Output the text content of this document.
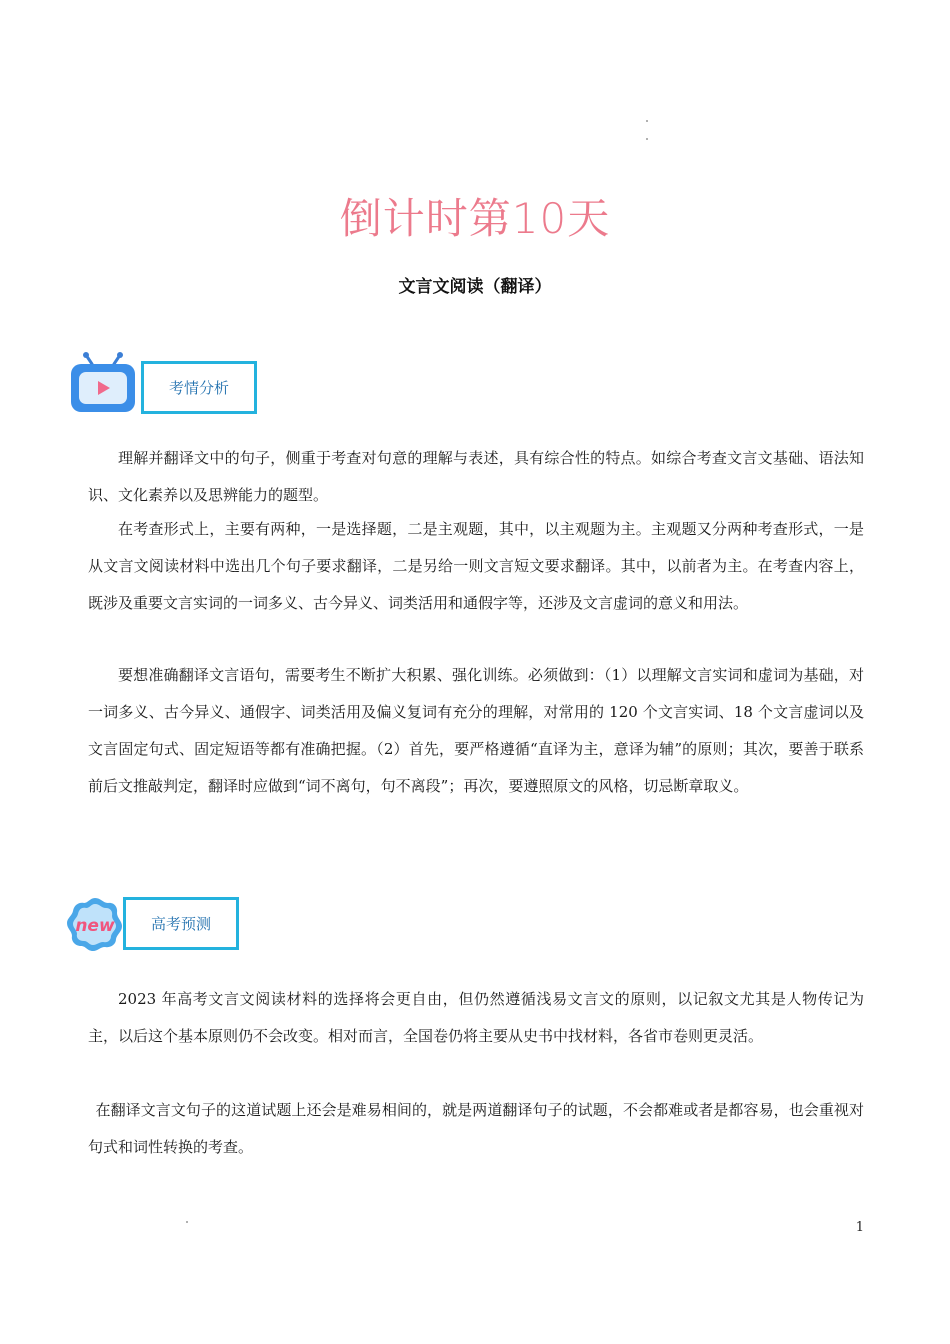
倒计时第10天
文言文阅读（翻译）
考情分析

理解并翻译文中的句子，侧重于考查对句意的理解与表述，具有综合性的特点。如综合考查文言文基础、语法知识、文化素养以及思辨能力的题型。

在考查形式上，主要有两种，一是选择题，二是主观题，其中，以主观题为主。主观题又分两种考查形式，一是从文言文阅读材料中选出几个句子要求翻译，二是另给一则文言短文要求翻译。其中，以前者为主。在考查内容上，既涉及重要文言实词的一词多义、古今异义、词类活用和通假字等，还涉及文言虚词的意义和用法。

要想准确翻译文言语句，需要考生不断扩大积累、强化训练。必须做到：（1）以理解文言实词和虚词为基础，对一词多义、古今异义、通假字、词类活用及偏义复词有充分的理解，对常用的 120 个文言实词、18 个文言虚词以及文言固定句式、固定短语等都有准确把握。（2）首先，要严格遵循“直译为主，意译为辅”的原则；其次，要善于联系前后文推敲判定，翻译时应做到“词不离句，句不离段”；再次，要遵照原文的风格，切忌断章取义。

new	高考预测

2023 年高考文言文阅读材料的选择将会更自由，但仍然遵循浅易文言文的原则，以记叙文尤其是人物传记为主，以后这个基本原则仍不会改变。相对而言，全国卷仍将主要从史书中找材料，各省市卷则更灵活。

在翻译文言文句子的这道试题上还会是难易相间的，就是两道翻译句子的试题，不会都难或者是都容易，也会重视对句式和词性转换的考查。

1
